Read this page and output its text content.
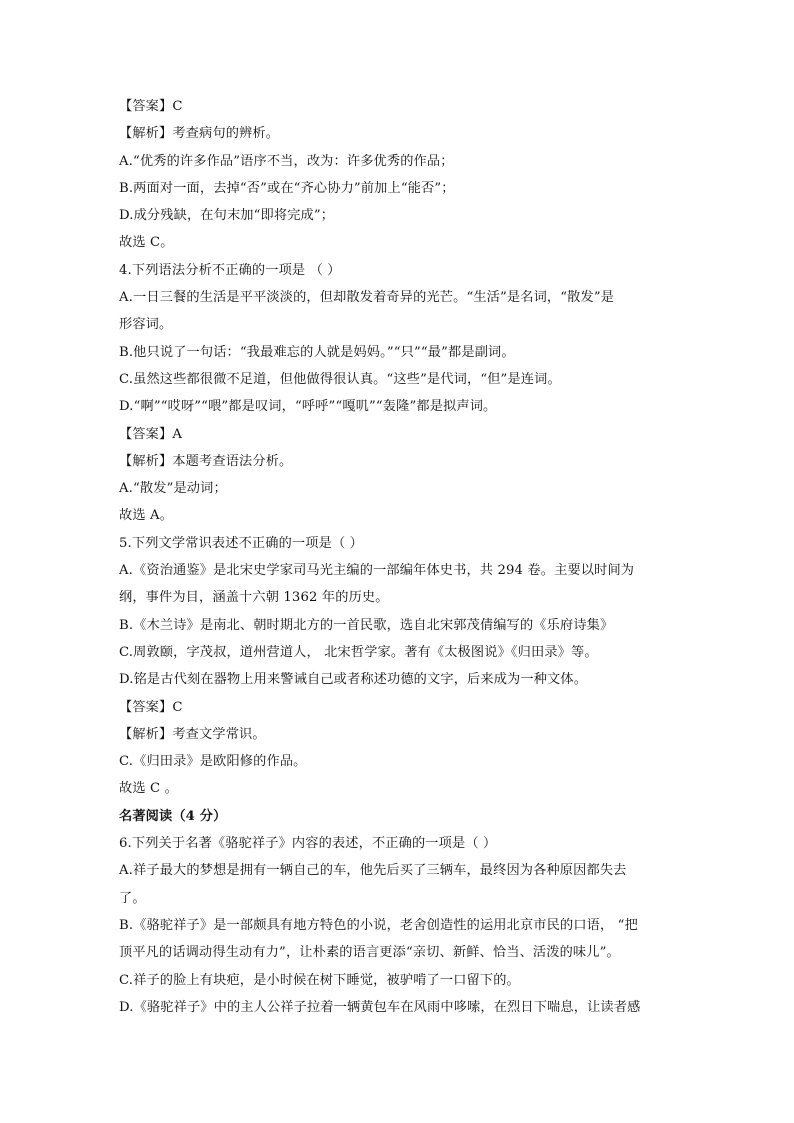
【答案】C
【解析】考查病句的辨析。
A.“优秀的许多作品”语序不当，改为：许多优秀的作品；
B.两面对一面，去掉“否”或在“齐心协力”前加上“能否”；
D.成分残缺，在句末加“即将完成”；
故选 C。
4.下列语法分析不正确的一项是 （ ）
A.一日三餐的生活是平平淡淡的，但却散发着奇异的光芒。“生活”是名词，“散发”是
形容词。
B.他只说了一句话：“我最难忘的人就是妈妈。”“只”“最”都是副词。
C.虽然这些都很微不足道，但他做得很认真。“这些”是代词，“但”是连词。
D.“啊”“哎呀”“喂”都是叹词，“呼呼”“嘎叽”“轰隆”都是拟声词。
【答案】A
【解析】本题考查语法分析。
A.“散发”是动词；
故选 A。
5.下列文学常识表述不正确的一项是（ ）
A.《资治通鉴》是北宋史学家司马光主编的一部编年体史书，共 294 卷。主要以时间为
纲，事件为目，涵盖十六朝 1362 年的历史。
B.《木兰诗》是南北、朝时期北方的一首民歌，选自北宋郭茂倩编写的《乐府诗集》
C.周敦颐，字茂叔，道州营道人， 北宋哲学家。著有《太极图说》《归田录》等。
D.铭是古代刻在器物上用来警诫自己或者称述功德的文字，后来成为一种文体。
【答案】C
【解析】考查文学常识。
C.《归田录》是欧阳修的作品。
故选 C 。
名著阅读（4 分）
6.下列关于名著《骆驼祥子》内容的表述，不正确的一项是（ ）
A.祥子最大的梦想是拥有一辆自己的车，他先后买了三辆车，最终因为各种原因都失去
了。
B.《骆驼祥子》是一部颇具有地方特色的小说，老舍创造性的运用北京市民的口语， “把
顶平凡的话调动得生动有力”，让朴素的语言更添“亲切、新鲜、恰当、活泼的味儿”。
C.祥子的脸上有块疤，是小时候在树下睡觉，被驴啃了一口留下的。
D.《骆驼祥子》中的主人公祥子拉着一辆黄包车在风雨中哆嗦，在烈日下喘息，让读者感
